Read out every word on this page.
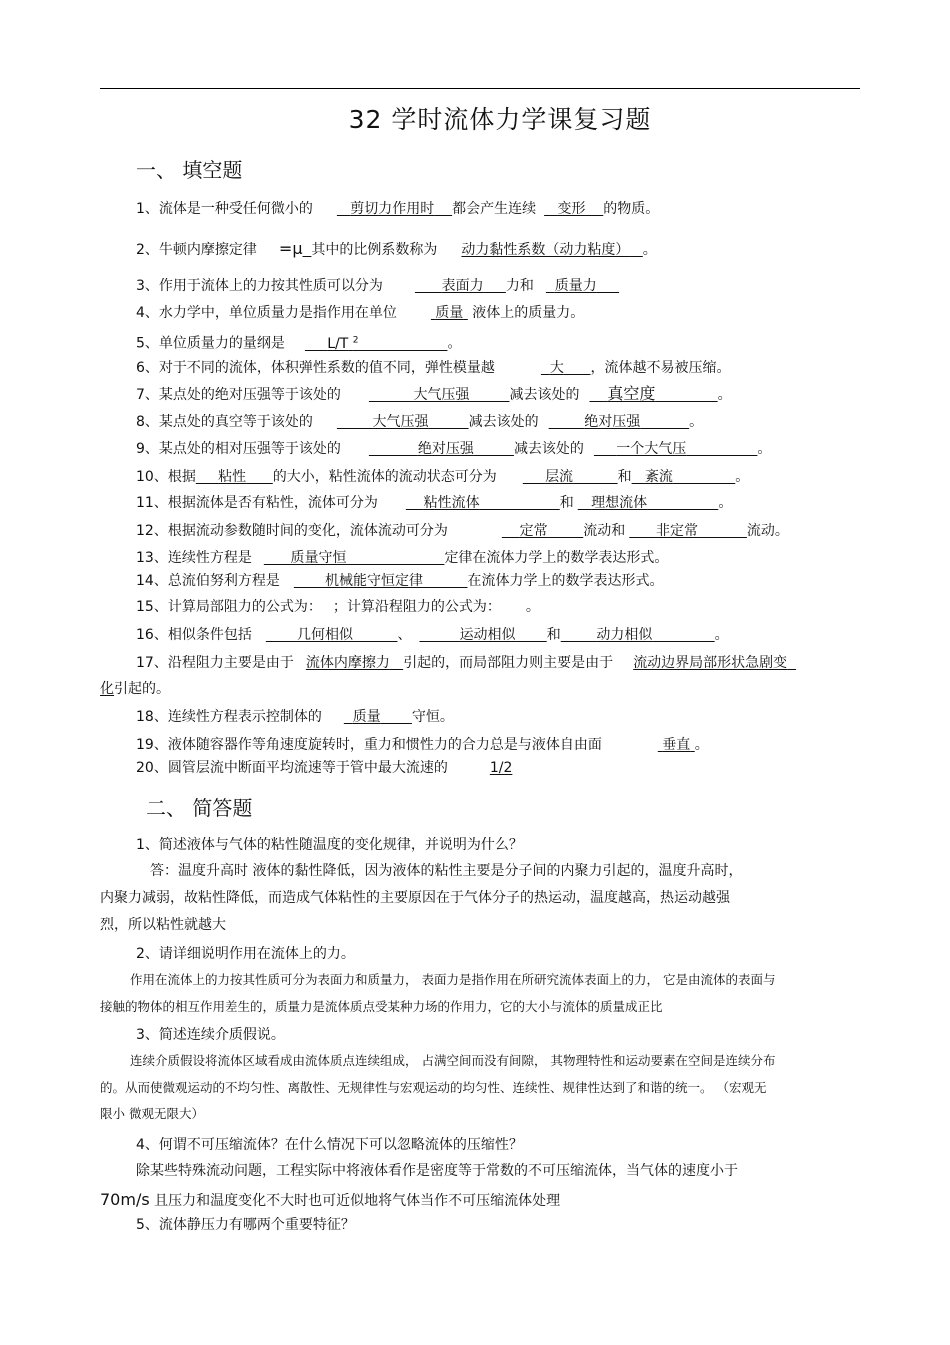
32 学时流体力学课复习题
一、 填空题
1、流体是一种受任何微小的	剪切力作用时 都会产生连续 变形 的物质。
2、牛顿内摩擦定律 =μ 其中的比例系数称为 动力黏性系数（动力粘度） 。
3、作用于流体上的力按其性质可以分为	表面力 力和 质量力
4、水力学中，单位质量力是指作用在单位	质量 液体上的质量力。
5、单位质量力的量纲是	L/T $^2$	。
6、对于不同的流体，体积弹性系数的值不同，弹性模量越	大 ，流体越不易被压缩。
7、某点处的绝对压强等于该处的	大气压强	减去该处的 真空度	。
8、某点处的真空等于该处的	大气压强	减去该处的	绝对压强	。
9、某点处的相对压强等于该处的	绝对压强	减去该处的 一个大气压	。
10、根据 粘性 的大小，粘性流体的流动状态可分为	层流	和 紊流	。
11、根据流体是否有粘性，流体可分为	粘性流体	和 理想流体	。
12、根据流动参数随时间的变化，流体流动可分为	定常	流动和 非定常	流动。
13、连续性方程是	质量守恒	定律在流体力学上的数学表达形式。
14、总流伯努利方程是	机械能守恒定律	在流体力学上的数学表达形式。
15、计算局部阻力的公式为： ；计算沿程阻力的公式为： 。
16、相似条件包括	几何相似	、	运动相似 和	动力相似	。
17、沿程阻力主要是由于 流体内摩擦力 引起的，而局部阻力则主要是由于 流动边界局部形状急剧变
化引起的。
18、连续性方程表示控制体的 质量 守恒。
19、液体随容器作等角速度旋转时，重力和惯性力的合力总是与液体自由面	垂直 。
20、圆管层流中断面平均流速等于管中最大流速的	1/2
二、 简答题
1、简述液体与气体的粘性随温度的变化规律，并说明为什么？
答：温度升高时 液体的黏性降低，因为液体的粘性主要是分子间的内聚力引起的，温度升高时，
内聚力减弱，故粘性降低，而造成气体粘性的主要原因在于气体分子的热运动，温度越高，热运动越强
烈，所以粘性就越大
2、请详细说明作用在流体上的力。
作用在流体上的力按其性质可分为表面力和质量力， 表面力是指作用在所研究流体表面上的力， 它是由流体的表面与
接触的物体的相互作用差生的，质量力是流体质点受某种力场的作用力，它的大小与流体的质量成正比
3、简述连续介质假说。
连续介质假设将流体区域看成由流体质点连续组成， 占满空间而没有间隙， 其物理特性和运动要素在空间是连续分布
的。从而使微观运动的不均匀性、离散性、无规律性与宏观运动的均匀性、连续性、规律性达到了和谐的统一。 （宏观无
限小 微观无限大）
4、何谓不可压缩流体？在什么情况下可以忽略流体的压缩性？
除某些特殊流动问题，工程实际中将液体看作是密度等于常数的不可压缩流体，当气体的速度小于
70m/s 且压力和温度变化不大时也可近似地将气体当作不可压缩流体处理
5、流体静压力有哪两个重要特征？
